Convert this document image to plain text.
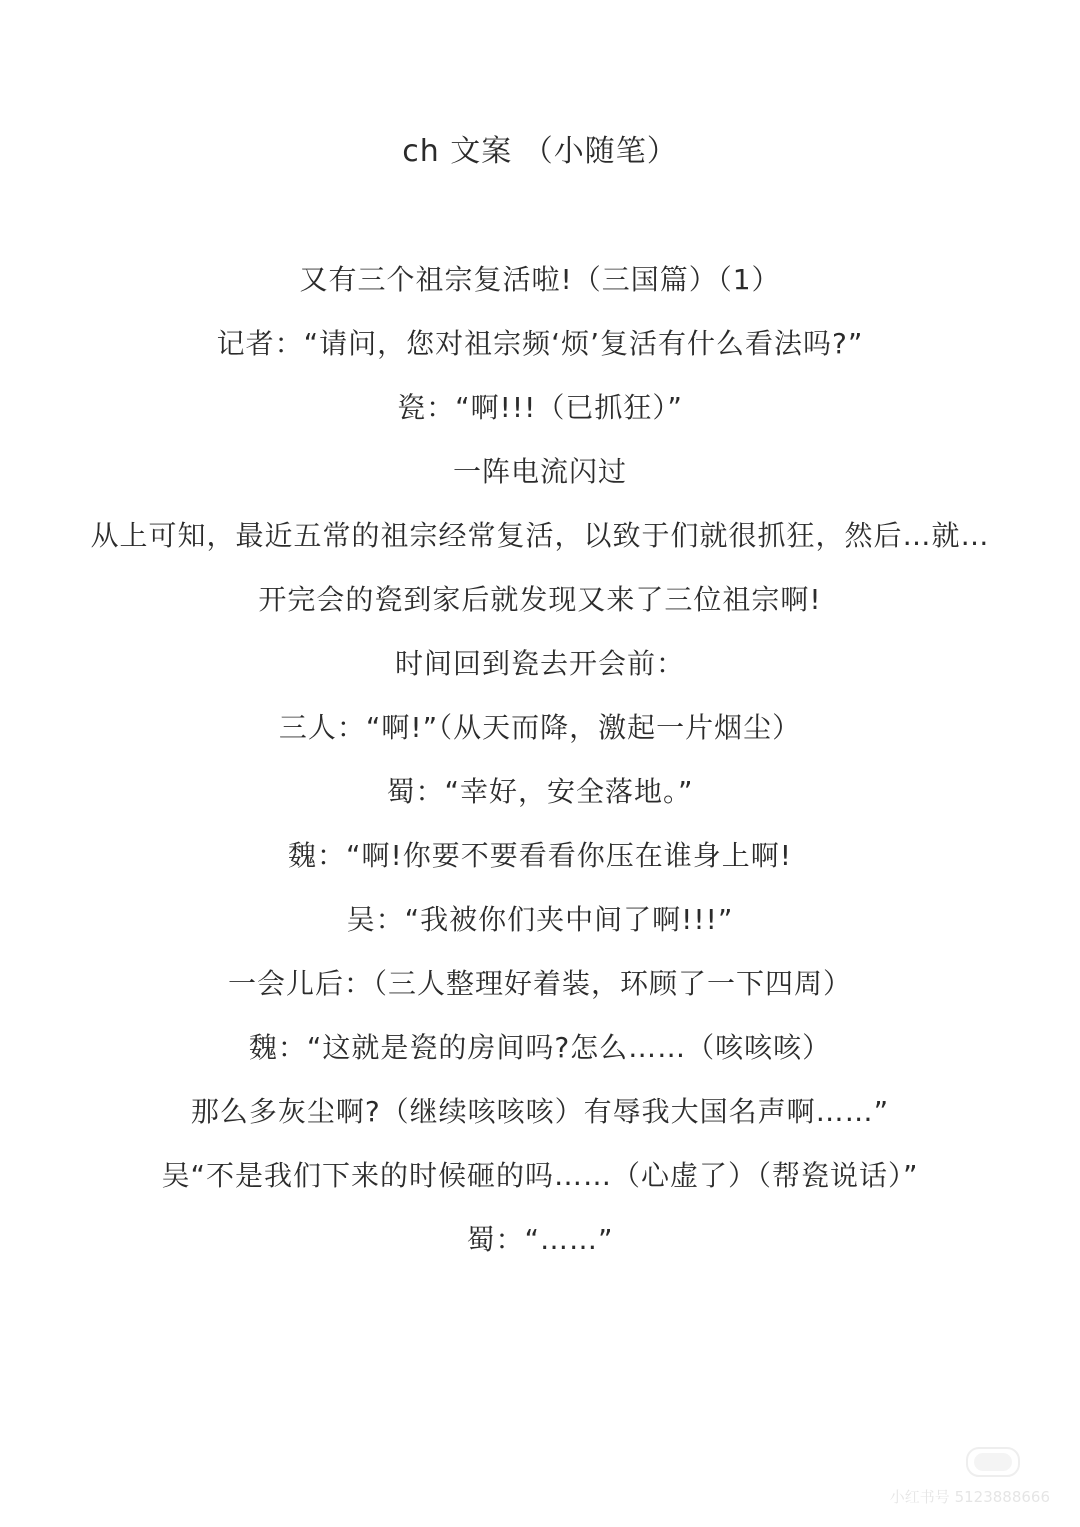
ch 文案 （小随笔）

又有三个祖宗复活啦!（三国篇）（1）

记者：“请问，您对祖宗频‘烦’复活有什么看法吗?”

瓷：“啊!!!（已抓狂）”

一阵电流闪过

从上可知，最近五常的祖宗经常复活，以致于们就很抓狂，然后…就…

开完会的瓷到家后就发现又来了三位祖宗啊!

时间回到瓷去开会前：

三人：“啊!”（从天而降，激起一片烟尘）

蜀：“幸好，安全落地。”

魏：“啊!你要不要看看你压在谁身上啊!

吴：“我被你们夹中间了啊!!!”

一会儿后：（三人整理好着装，环顾了一下四周）

魏：“这就是瓷的房间吗?怎么……（咳咳咳）

那么多灰尘啊?（继续咳咳咳）有辱我大国名声啊……”

吴“不是我们下来的时候砸的吗……（心虚了）（帮瓷说话）”

蜀：“……”

小红书号 5123888666
